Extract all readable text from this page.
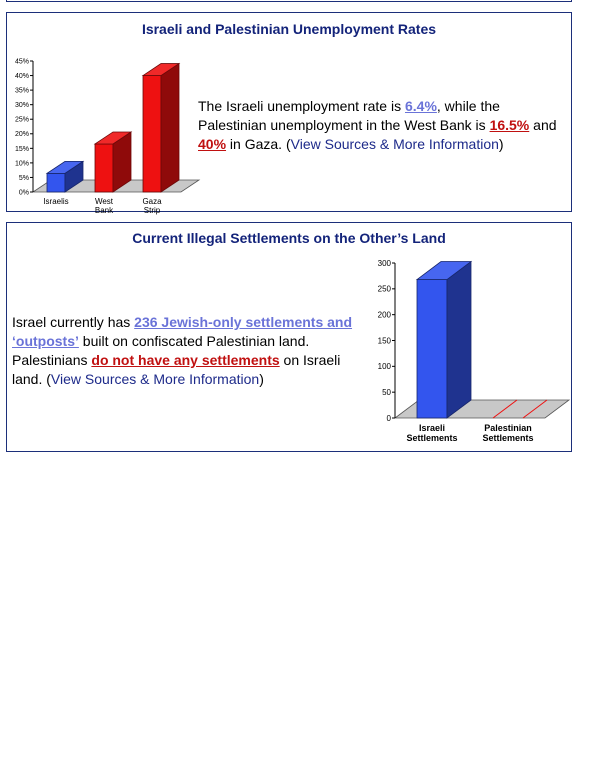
Israeli and Palestinian Unemployment Rates
0%
5%
10%
15%
20%
25%
30%
35%
40%
45%
Israelis	West
Bank
Gaza
Strip
The Israeli unemployment rate is 6.4%, while the Palestinian unemployment in the West Bank is 16.5% and 40% in Gaza. (View Sources & More Information)
Current Illegal Settlements on the Other’s Land
Israel currently has 236 Jewish-only settlements and ‘outposts’ built on confiscated Palestinian land. Palestinians do not have any settlements on Israeli land. (View Sources & More Information)
0
50
100
150
200
250
300
Israeli
Settlements
Palestinian
Settlements
